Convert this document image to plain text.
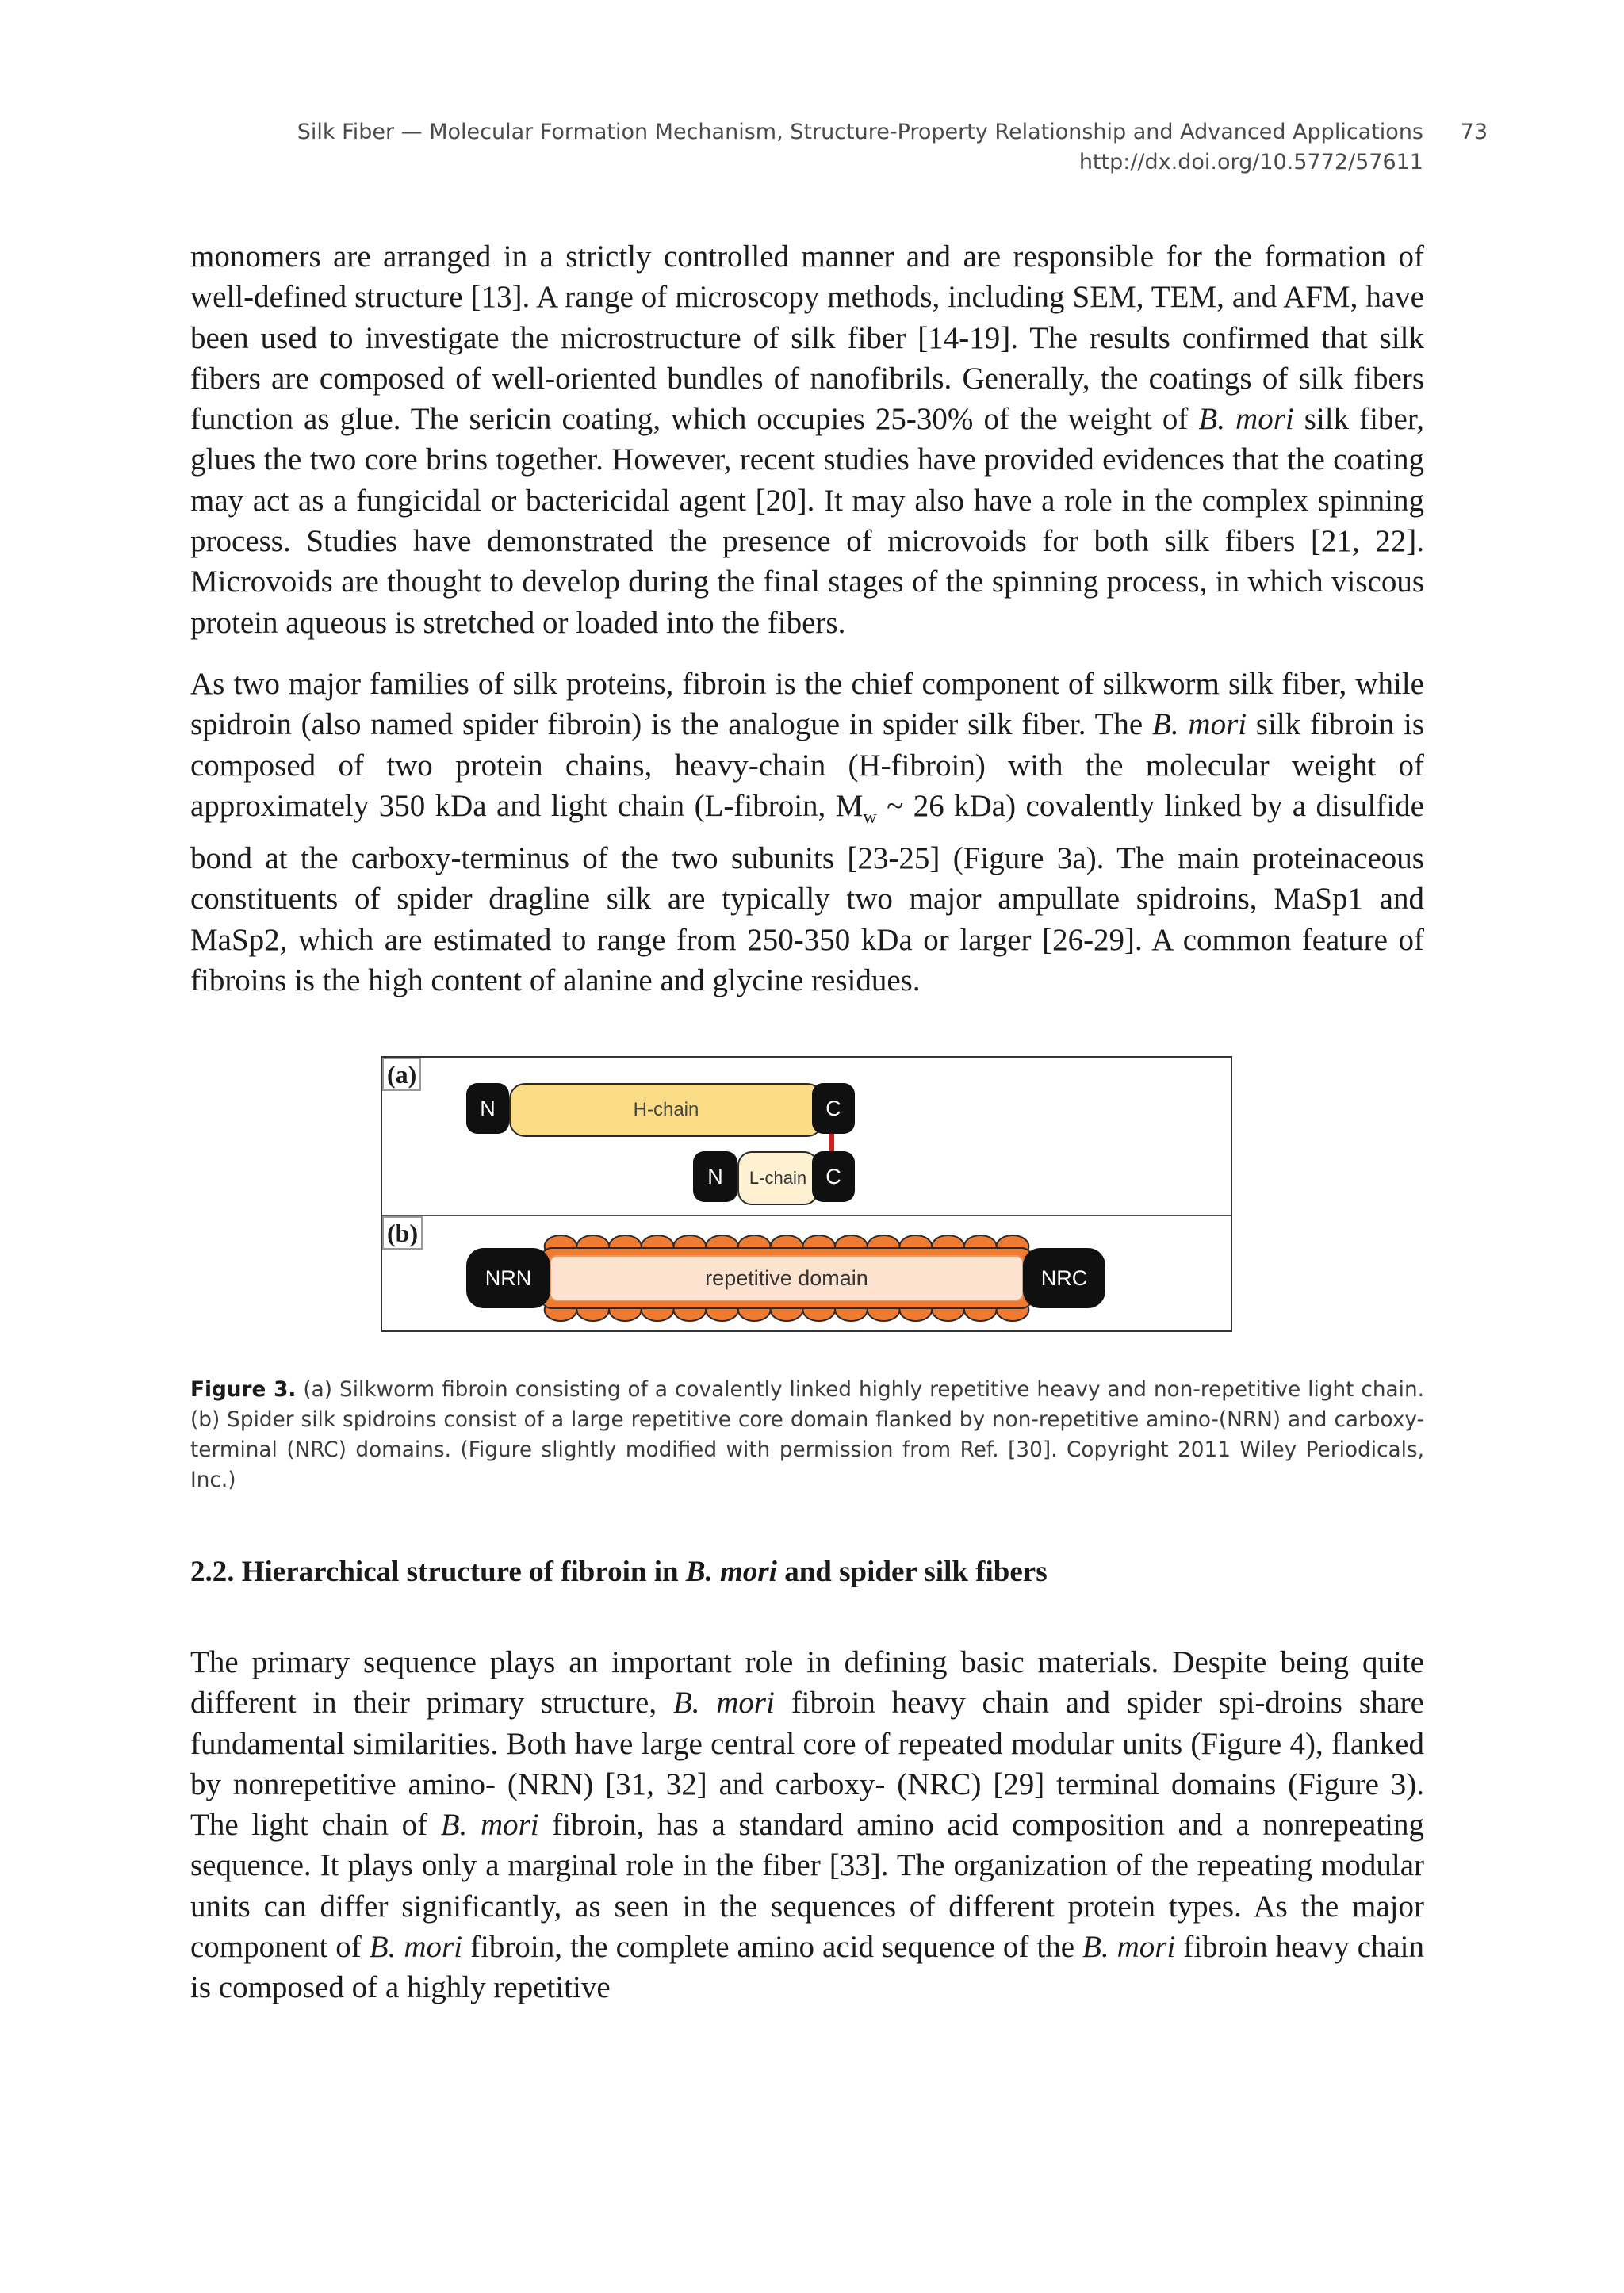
Silk Fiber — Molecular Formation Mechanism, Structure-Property Relationship and Advanced Applications 73
http://dx.doi.org/10.5772/57611

monomers are arranged in a strictly controlled manner and are responsible for the formation of well-defined structure [13]. A range of microscopy methods, including SEM, TEM, and AFM, have been used to investigate the microstructure of silk fiber [14-19]. The results confirmed that silk fibers are composed of well-oriented bundles of nanofibrils. Generally, the coatings of silk fibers function as glue. The sericin coating, which occupies 25-30% of the weight of B. mori silk fiber, glues the two core brins together. However, recent studies have provided evidences that the coating may act as a fungicidal or bactericidal agent [20]. It may also have a role in the complex spinning process. Studies have demonstrated the presence of microvoids for both silk fibers [21, 22]. Microvoids are thought to develop during the final stages of the spinning process, in which viscous protein aqueous is stretched or loaded into the fibers.

As two major families of silk proteins, fibroin is the chief component of silkworm silk fiber, while spidroin (also named spider fibroin) is the analogue in spider silk fiber. The B. mori silk fibroin is composed of two protein chains, heavy-chain (H-fibroin) with the molecular weight of approximately 350 kDa and light chain (L-fibroin, $M_w$ ~ 26 kDa) covalently linked by a disulfide bond at the carboxy-terminus of the two subunits [23-25] (Figure 3a). The main proteinaceous constituents of spider dragline silk are typically two major ampullate spidroins, MaSp1 and MaSp2, which are estimated to range from 250-350 kDa or larger [26-29]. A common feature of fibroins is the high content of alanine and glycine residues.

(a)
(b)
H-chain
N	C
L-chain
N	C
NRN	repetitive domain	NRC
Figure 3. (a) Silkworm fibroin consisting of a covalently linked highly repetitive heavy and non-repetitive light chain. (b) Spider silk spidroins consist of a large repetitive core domain flanked by non-repetitive amino-(NRN) and carboxy-terminal (NRC) domains. (Figure slightly modified with permission from Ref. [30]. Copyright 2011 Wiley Periodicals, Inc.)
2.2. Hierarchical structure of fibroin in B. mori and spider silk fibers

The primary sequence plays an important role in defining basic materials. Despite being quite different in their primary structure, B. mori fibroin heavy chain and spider spi-droins share fundamental similarities. Both have large central core of repeated modular units (Figure 4), flanked by nonrepetitive amino- (NRN) [31, 32] and carboxy- (NRC) [29] terminal domains (Figure 3). The light chain of B. mori fibroin, has a standard amino acid composition and a nonrepeating sequence. It plays only a marginal role in the fiber [33]. The organization of the repeating modular units can differ significantly, as seen in the sequences of different protein types. As the major component of B. mori fibroin, the complete amino acid sequence of the B. mori fibroin heavy chain is composed of a highly repetitive
